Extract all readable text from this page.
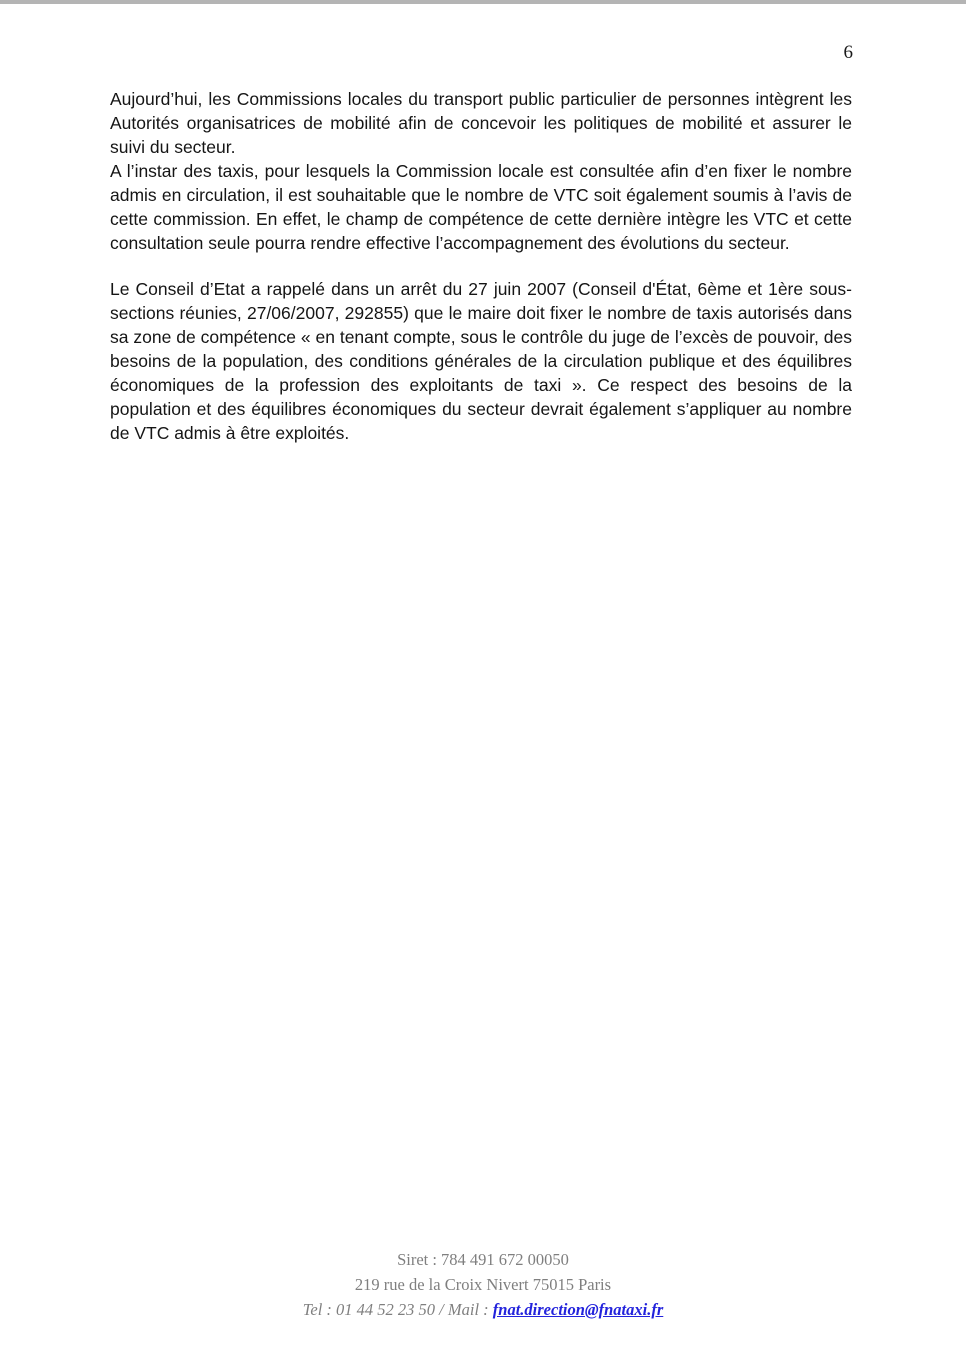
6

Aujourd’hui, les Commissions locales du transport public particulier de personnes intègrent les Autorités organisatrices de mobilité afin de concevoir les politiques de mobilité et assurer le suivi du secteur.

A l’instar des taxis, pour lesquels la Commission locale est consultée afin d’en fixer le nombre admis en circulation, il est souhaitable que le nombre de VTC soit également soumis à l’avis de cette commission. En effet, le champ de compétence de cette dernière intègre les VTC et cette consultation seule pourra rendre effective l’accompagnement des évolutions du secteur.

Le Conseil d’Etat a rappelé dans un arrêt du 27 juin 2007 (Conseil d'État, 6ème et 1ère sous-sections réunies, 27/06/2007, 292855) que le maire doit fixer le nombre de taxis autorisés dans sa zone de compétence « en tenant compte, sous le contrôle du juge de l’excès de pouvoir, des besoins de la population, des conditions générales de la circulation publique et des équilibres économiques de la profession des exploitants de taxi ». Ce respect des besoins de la population et des équilibres économiques du secteur devrait également s’appliquer au nombre de VTC admis à être exploités.

Siret : 784 491 672 00050

219 rue de la Croix Nivert 75015 Paris

Tel : 01 44 52 23 50 / Mail : fnat.direction@fnataxi.fr
